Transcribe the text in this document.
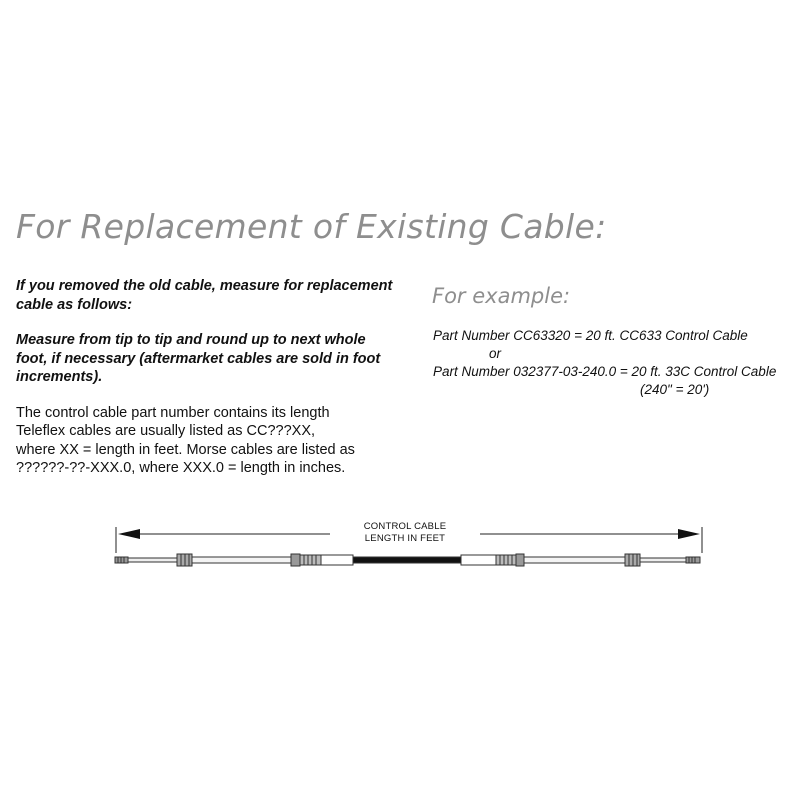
For Replacement of Existing Cable:

If you removed the old cable, measure for replacement cable as follows:

Measure from tip to tip and round up to next whole foot, if necessary (aftermarket cables are sold in foot increments).

The control cable part number contains its length
Teleflex cables are usually listed as CC???XX,
where XX = length in feet. Morse cables are listed as
??????-??-XXX.0, where XXX.0 = length in inches.

For example:
Part Number CC63320 = 20 ft. CC633 Control Cable
or
Part Number 032377-03-240.0 = 20 ft. 33C Control Cable
(240" = 20')
CONTROL CABLE
LENGTH IN FEET
